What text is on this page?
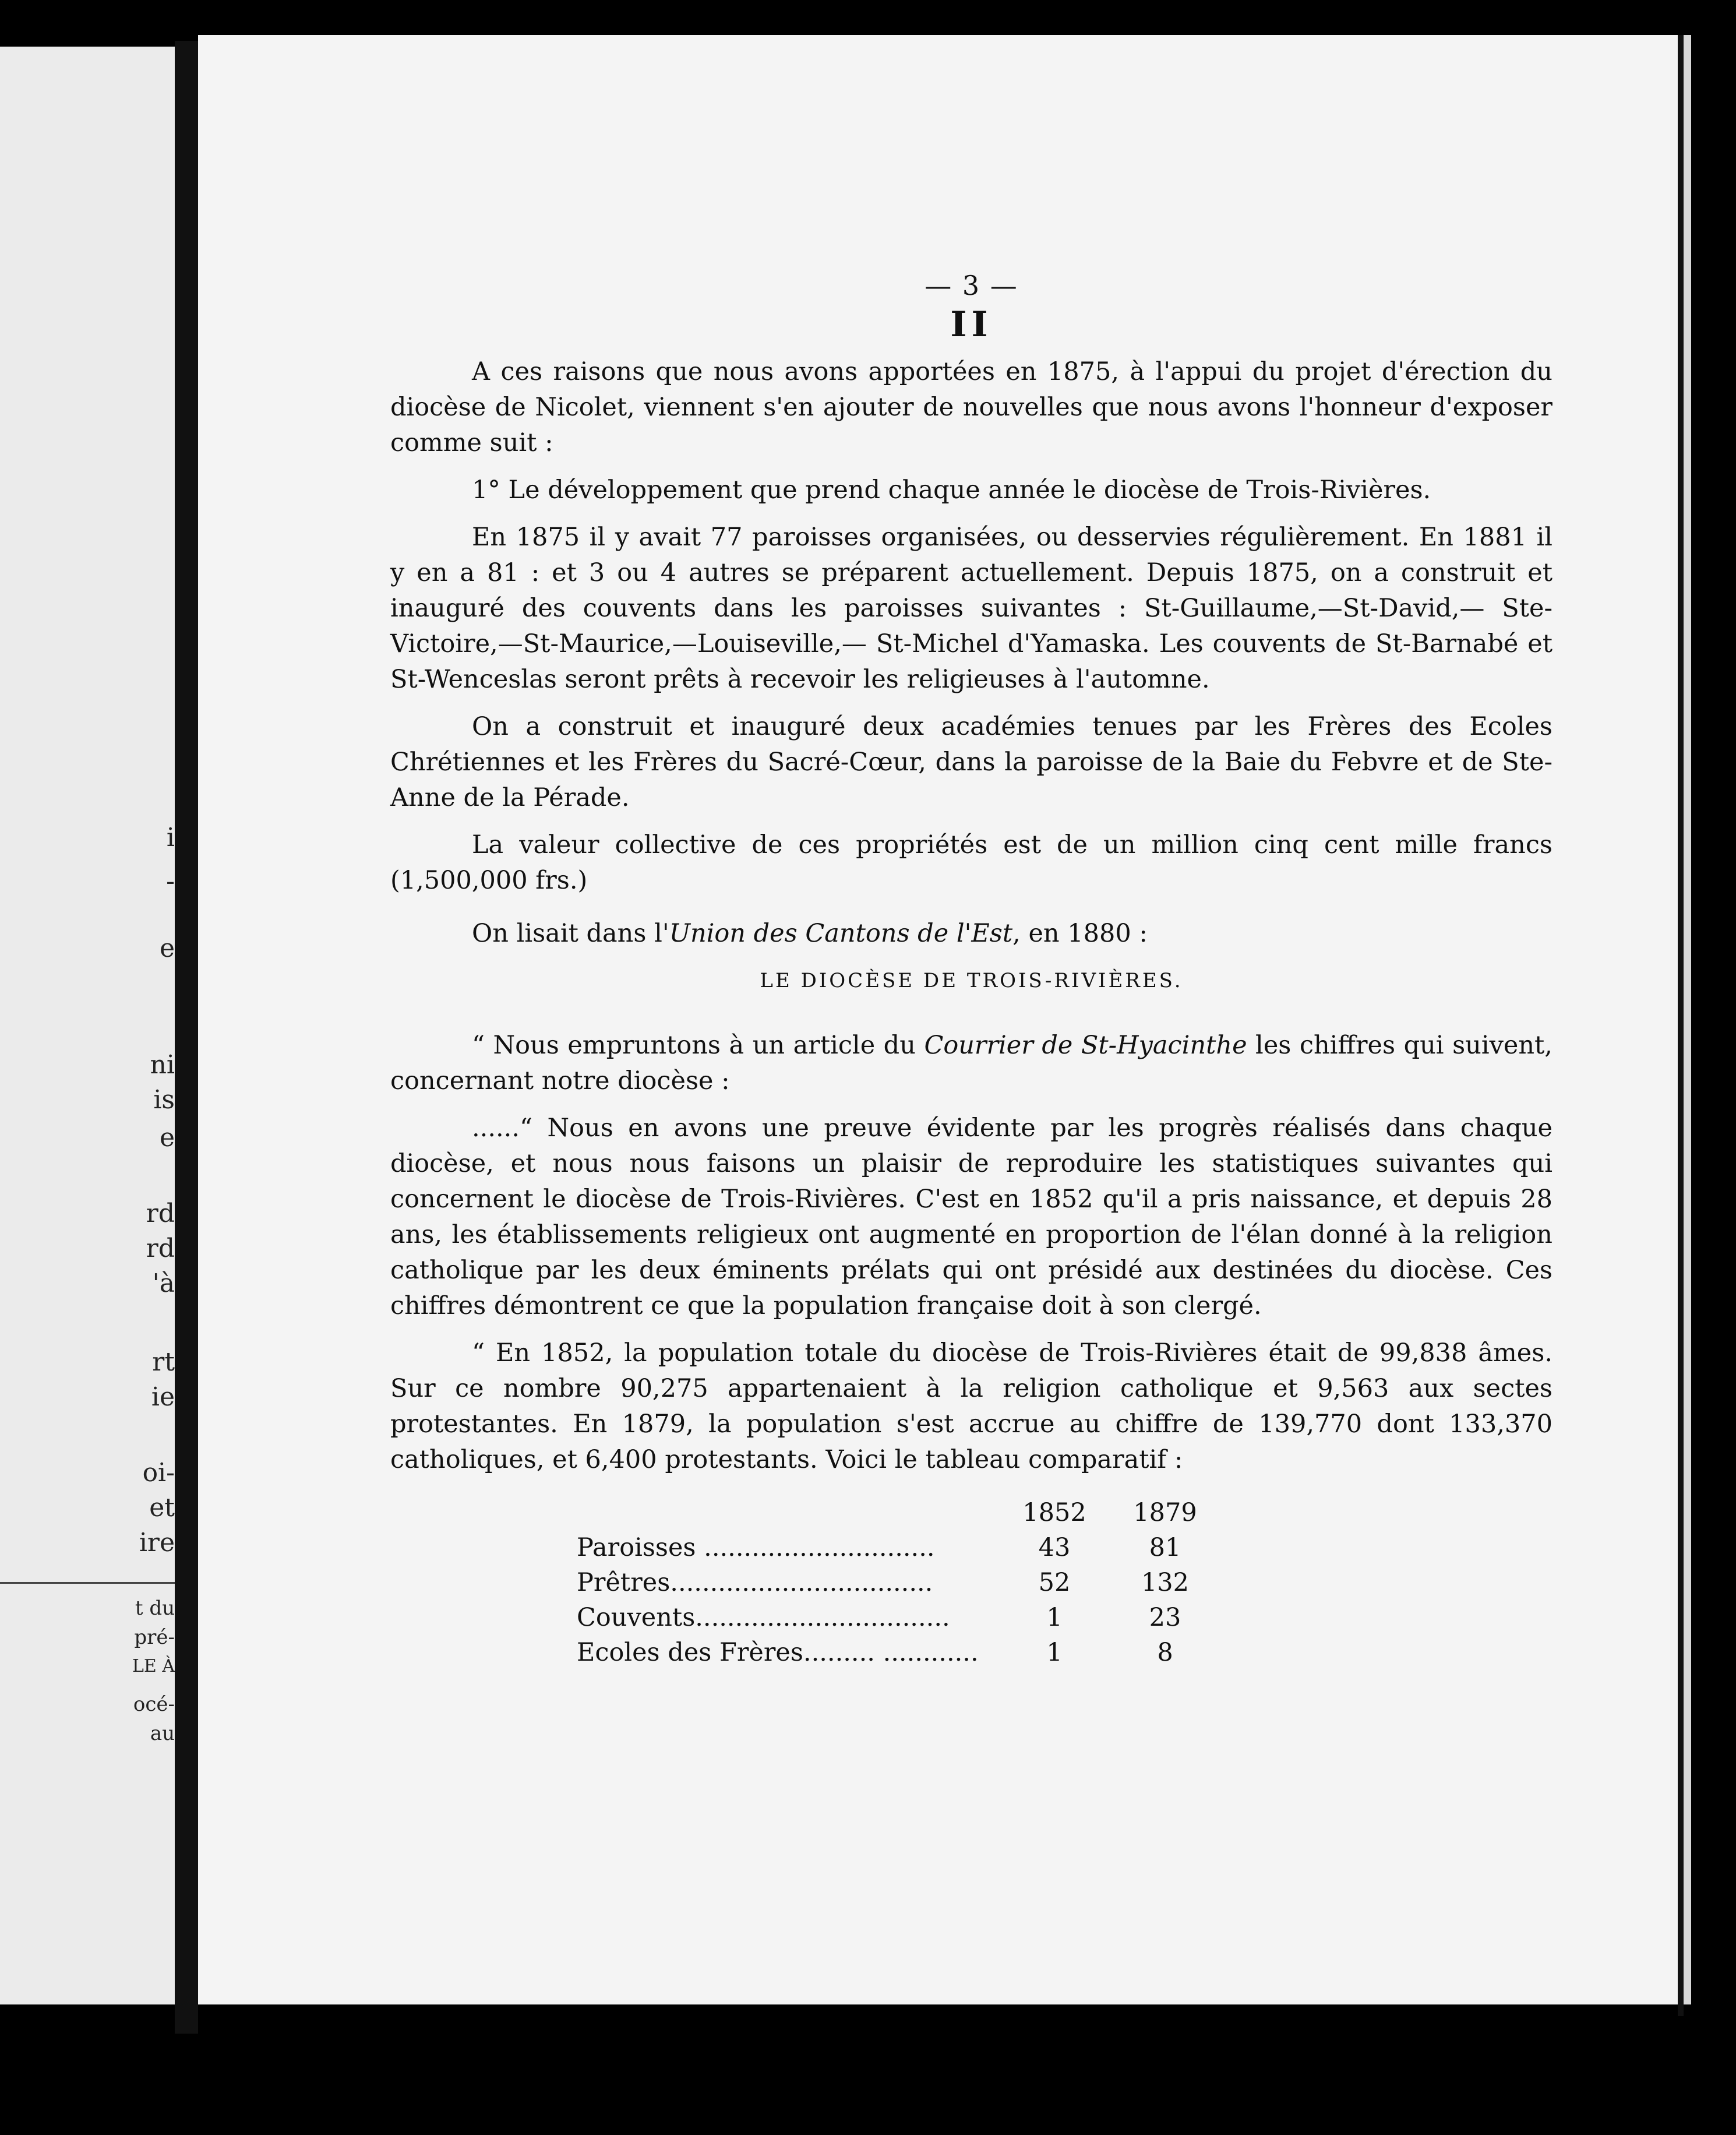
i
-
e
ni
is
e
rd
rd
'à
rt
ie
oi-
et
ire
t du
pré-
LE À
océ-
au
— 3 —
II

A ces raisons que nous avons apportées en 1875, à l'appui du projet d'érection du diocèse de Nicolet, viennent s'en ajouter de nouvelles que nous avons l'honneur d'exposer comme suit :

1° Le développement que prend chaque année le diocèse de Trois-Rivières.

En 1875 il y avait 77 paroisses organisées, ou desservies régulièrement. En 1881 il y en a 81 : et 3 ou 4 autres se préparent actuellement. Depuis 1875, on a construit et inauguré des couvents dans les paroisses suivantes : St-Guillaume,—St-David,— Ste-Victoire,—St-Maurice,—Louiseville,— St-Michel d'Yamaska. Les couvents de St-Barnabé et St-Wenceslas seront prêts à recevoir les religieuses à l'automne.

On a construit et inauguré deux académies tenues par les Frères des Ecoles Chrétiennes et les Frères du Sacré-Cœur, dans la paroisse de la Baie du Febvre et de Ste-Anne de la Pérade.

La valeur collective de ces propriétés est de un million cinq cent mille francs (1,500,000 frs.)

On lisait dans l'Union des Cantons de l'Est, en 1880 :

LE DIOCÈSE DE TROIS-RIVIÈRES.

“ Nous empruntons à un article du Courrier de St-Hyacinthe les chiffres qui suivent, concernant notre diocèse :

......“ Nous en avons une preuve évidente par les progrès réalisés dans chaque diocèse, et nous nous faisons un plaisir de reproduire les statistiques suivantes qui concernent le diocèse de Trois-Rivières. C'est en 1852 qu'il a pris naissance, et depuis 28 ans, les établissements religieux ont augmenté en proportion de l'élan donné à la religion catholique par les deux éminents prélats qui ont présidé aux destinées du diocèse. Ces chiffres démontrent ce que la population française doit à son clergé.

“ En 1852, la population totale du diocèse de Trois-Rivières était de 99,838 âmes. Sur ce nombre 90,275 appartenaient à la religion catholique et 9,563 aux sectes protestantes. En 1879, la population s'est accrue au chiffre de 139,770 dont 133,370 catholiques, et 6,400 protestants. Voici le tableau comparatif :

	1852	1879
Paroisses .............................	43	81
Prêtres.................................	52	132
Couvents................................	1	23
Ecoles des Frères......... ............	1	8
